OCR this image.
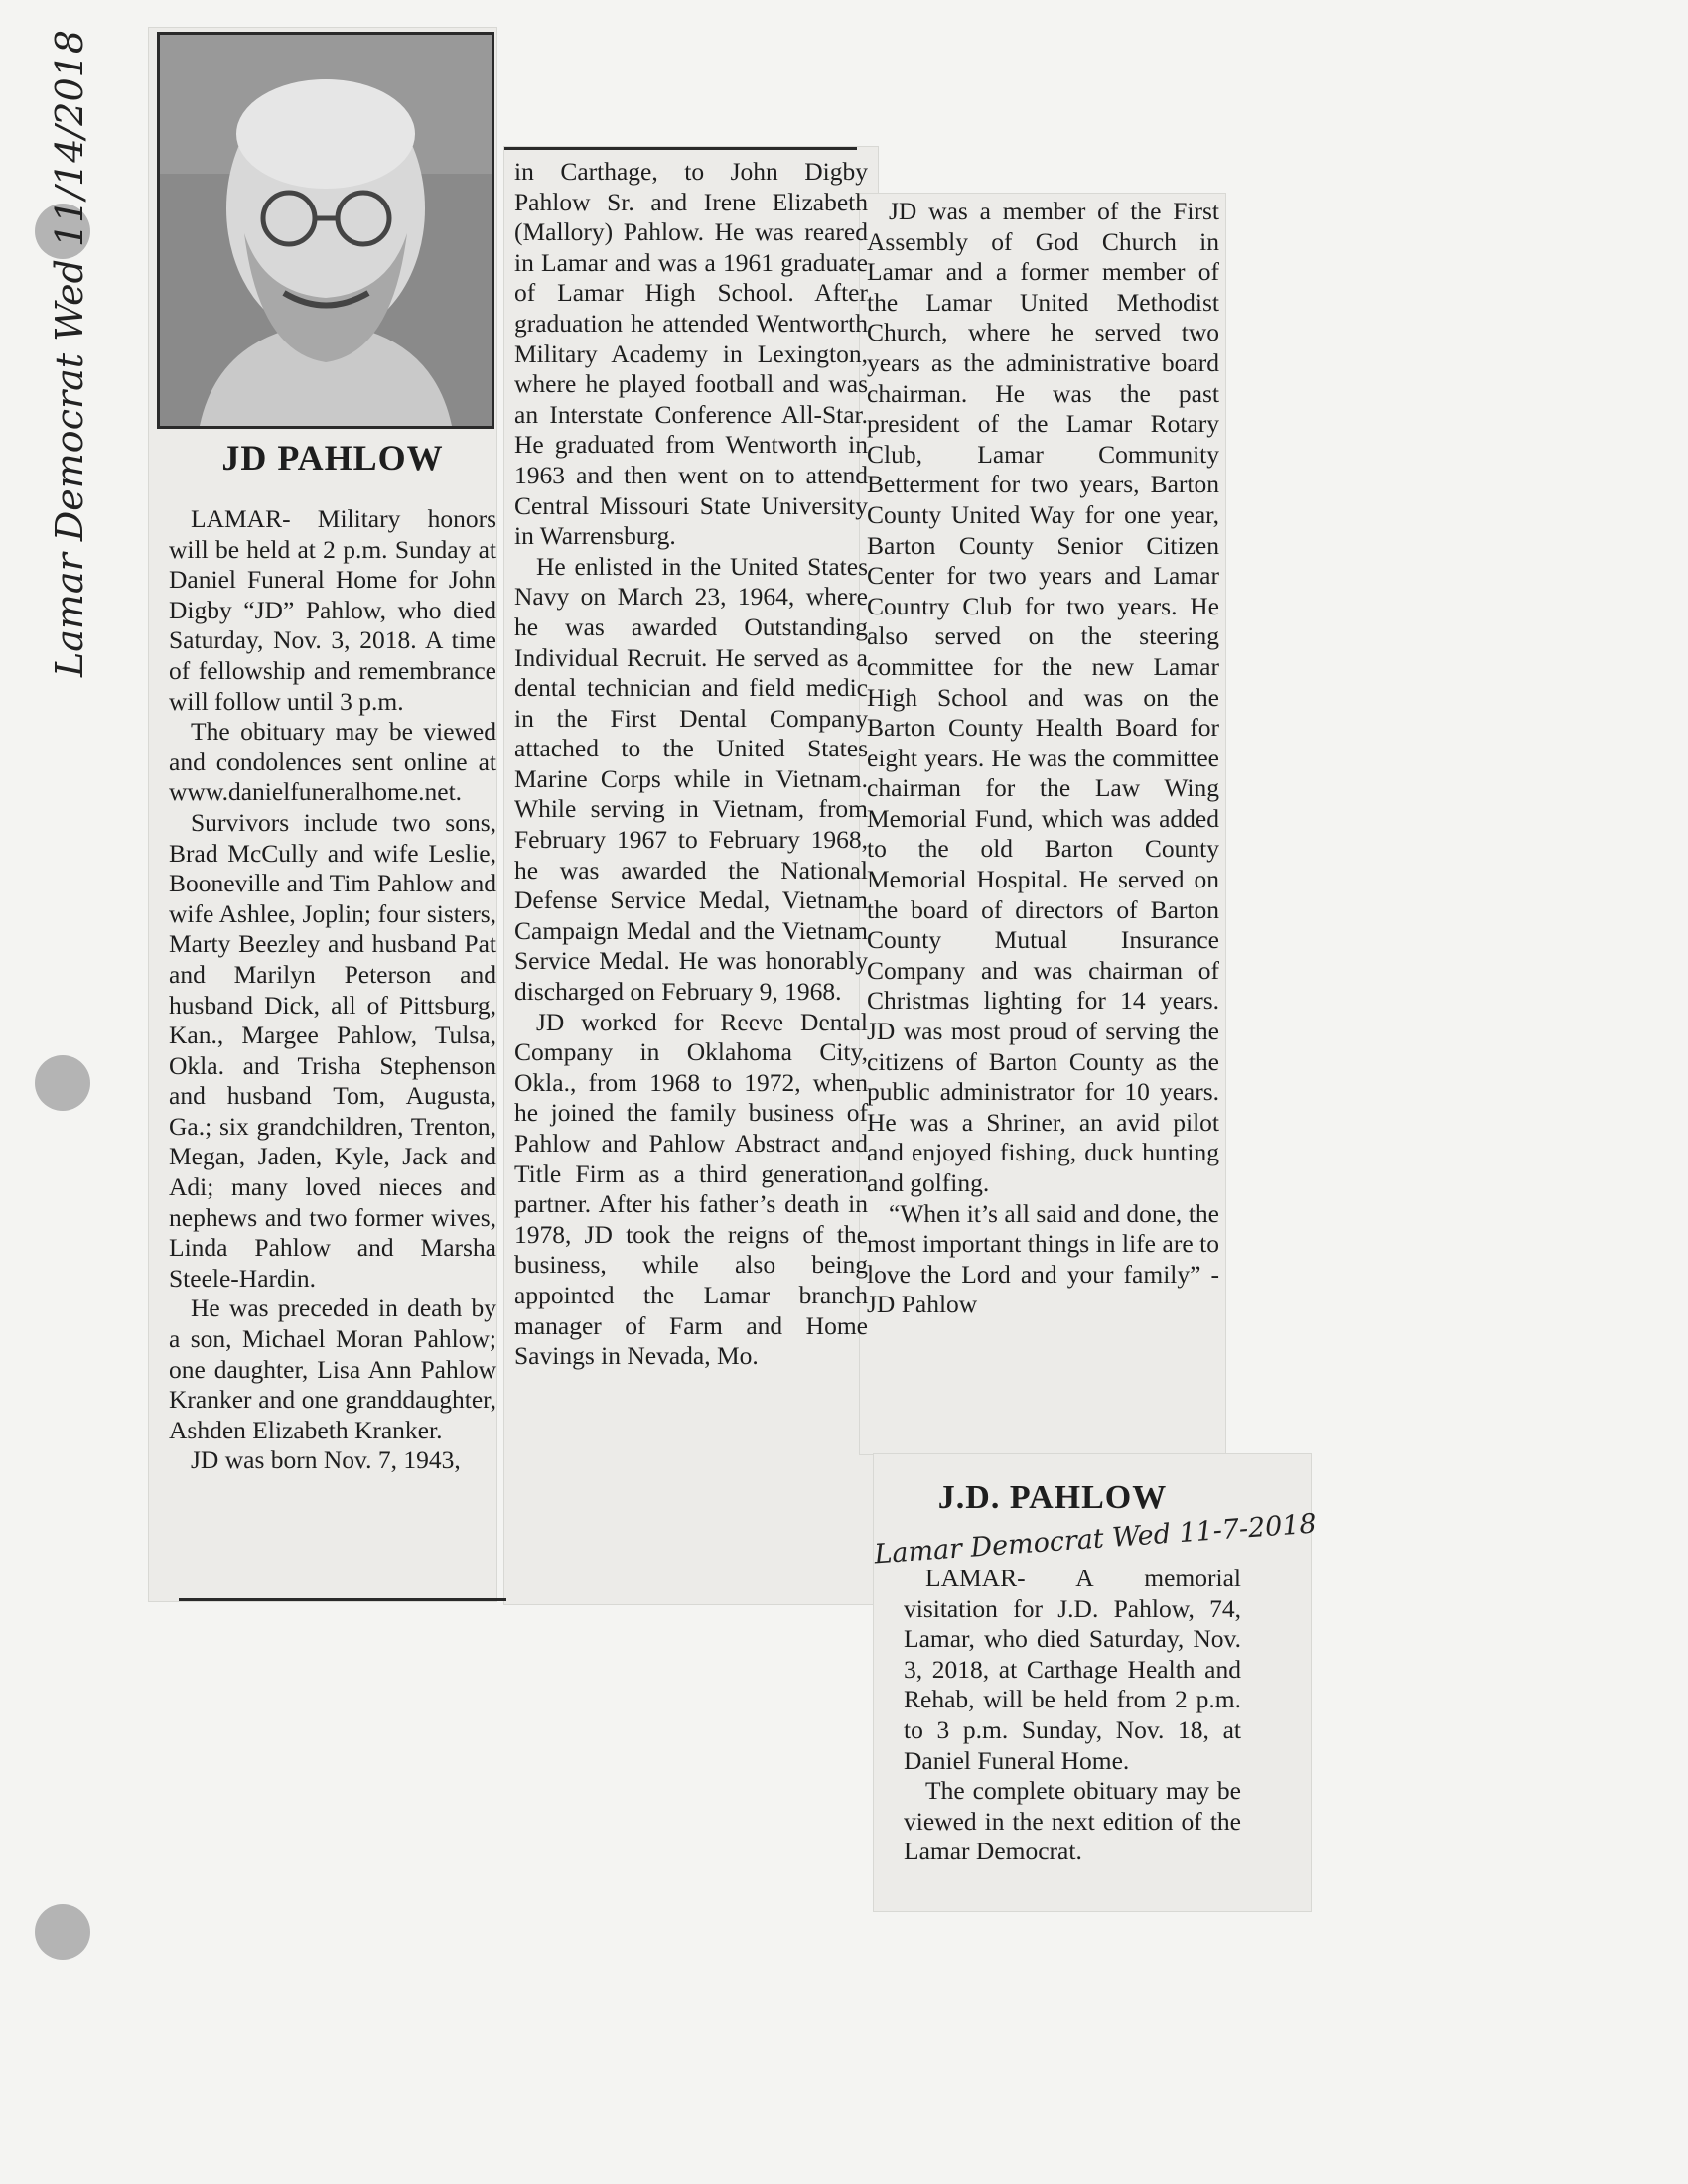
Lamar Democrat Wed 11/14/2018	JD PAHLOW

LAMAR- Military honors will be held at 2 p.m. Sunday at Daniel Funeral Home for John Digby “JD” Pahlow, who died Saturday, Nov. 3, 2018. A time of fellowship and remembrance will follow until 3 p.m.

The obituary may be viewed and condolences sent online at www.danielfuneralhome.net.

Survivors include two sons, Brad McCully and wife Leslie, Booneville and Tim Pahlow and wife Ashlee, Joplin; four sisters, Marty Beezley and husband Pat and Marilyn Peterson and husband Dick, all of Pittsburg, Kan., Margee Pahlow, Tulsa, Okla. and Trisha Stephenson and husband Tom, Augusta, Ga.; six grandchildren, Trenton, Megan, Jaden, Kyle, Jack and Adi; many loved nieces and nephews and two former wives, Linda Pahlow and Marsha Steele-Hardin.

He was preceded in death by a son, Michael Moran Pahlow; one daughter, Lisa Ann Pahlow Kranker and one granddaughter, Ashden Elizabeth Kranker.

JD was born Nov. 7, 1943,

in Carthage, to John Digby Pahlow Sr. and Irene Elizabeth (Mallory) Pahlow. He was reared in Lamar and was a 1961 graduate of Lamar High School. After graduation he attended Wentworth Military Academy in Lexington, where he played football and was an Interstate Conference All-Star. He graduated from Wentworth in 1963 and then went on to attend Central Missouri State University in Warrensburg.

He enlisted in the United States Navy on March 23, 1964, where he was awarded Outstanding Individual Recruit. He served as a dental technician and field medic in the First Dental Company attached to the United States Marine Corps while in Vietnam. While serving in Vietnam, from February 1967 to February 1968, he was awarded the National Defense Service Medal, Vietnam Campaign Medal and the Vietnam Service Medal. He was honorably discharged on February 9, 1968.

JD worked for Reeve Dental Company in Oklahoma City, Okla., from 1968 to 1972, when he joined the family business of Pahlow and Pahlow Abstract and Title Firm as a third generation partner. After his father’s death in 1978, JD took the reigns of the business, while also being appointed the Lamar branch manager of Farm and Home Savings in Nevada, Mo.

JD was a member of the First Assembly of God Church in Lamar and a former member of the Lamar United Methodist Church, where he served two years as the administrative board chairman. He was the past president of the Lamar Rotary Club, Lamar Community Betterment for two years, Barton County United Way for one year, Barton County Senior Citizen Center for two years and Lamar Country Club for two years. He also served on the steering committee for the new Lamar High School and was on the Barton County Health Board for eight years. He was the committee chairman for the Law Wing Memorial Fund, which was added to the old Barton County Memorial Hospital. He served on the board of directors of Barton County Mutual Insurance Company and was chairman of Christmas lighting for 14 years. JD was most proud of serving the citizens of Barton County as the public administrator for 10 years. He was a Shriner, an avid pilot and enjoyed fishing, duck hunting and golfing.

“When it’s all said and done, the most important things in life are to love the Lord and your family” - JD Pahlow

J.D. PAHLOW
Lamar Democrat Wed 11-7-2018

LAMAR- A memorial visitation for J.D. Pahlow, 74, Lamar, who died Saturday, Nov. 3, 2018, at Carthage Health and Rehab, will be held from 2 p.m. to 3 p.m. Sunday, Nov. 18, at Daniel Funeral Home.

The complete obituary may be viewed in the next edition of the Lamar Democrat.
